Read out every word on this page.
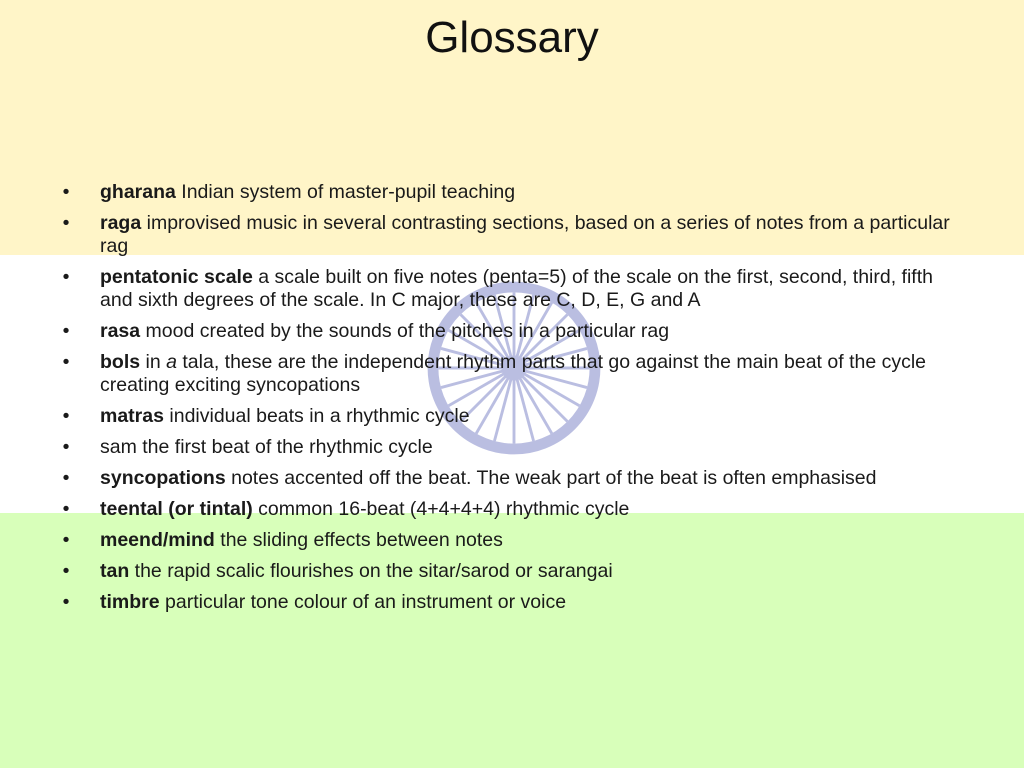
Glossary
• gharana Indian system of master-pupil teaching
• raga improvised music in several contrasting sections, based on a series of notes from a particular rag
• pentatonic scale a scale built on five notes (penta=5) of the scale on the first, second, third, fifth and sixth degrees of the scale. In C major, these are C, D, E, G and A
• rasa mood created by the sounds of the pitches in a particular rag
• bols in a tala, these are the independent rhythm parts that go against the main beat of the cycle creating exciting syncopations
• matras individual beats in a rhythmic cycle
• sam the first beat of the rhythmic cycle
• syncopations notes accented off the beat. The weak part of the beat is often emphasised
• teental (or tintal) common 16-beat (4+4+4+4) rhythmic cycle
• meend/mind the sliding effects between notes
• tan the rapid scalic flourishes on the sitar/sarod or sarangai
• timbre particular tone colour of an instrument or voice
